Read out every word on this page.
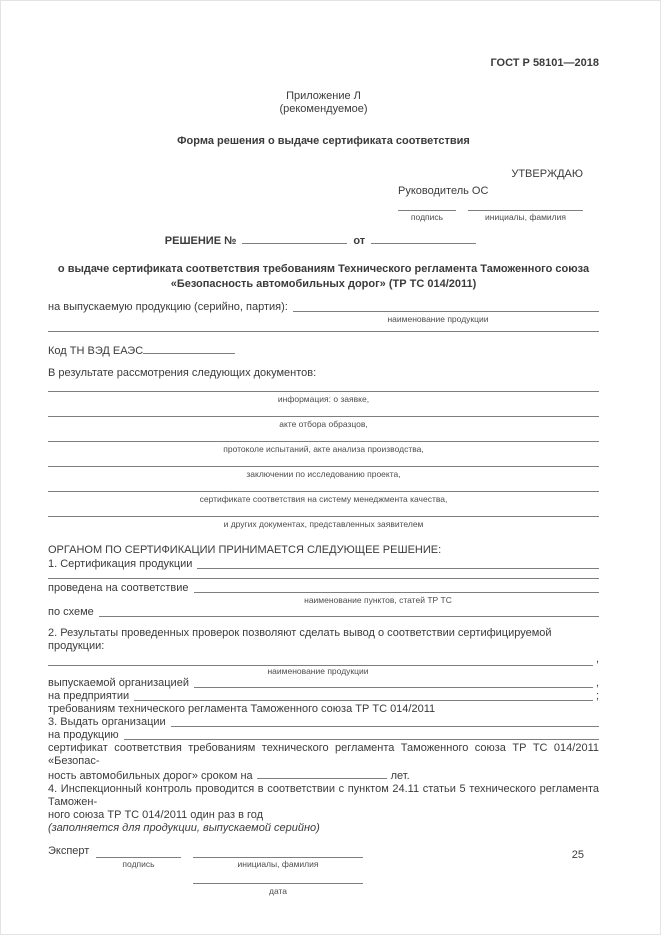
ГОСТ Р 58101—2018
Приложение Л
(рекомендуемое)
Форма решения о выдаче сертификата соответствия
УТВЕРЖДАЮ
Руководитель ОС
подпись	инициалы, фамилия
РЕШЕНИЕ №	от
о выдаче сертификата соответствия требованиям Технического регламента Таможенного союза
«Безопасность автомобильных дорог» (ТР ТС 014/2011)
на выпускаемую продукцию (серийно, партия):
наименование продукции
Код ТН ВЭД ЕАЭС
В результате рассмотрения следующих документов:
информация: о заявке,
акте отбора образцов,
протоколе испытаний, акте анализа производства,
заключении по исследованию проекта,
сертификате соответствия на систему менеджмента качества,
и других документах, представленных заявителем
ОРГАНОМ ПО СЕРТИФИКАЦИИ ПРИНИМАЕТСЯ СЛЕДУЮЩЕЕ РЕШЕНИЕ:
1. Сертификация продукции
проведена на соответствие
наименование пунктов, статей ТР ТС
по схеме
2. Результаты проведенных проверок позволяют сделать вывод о соответствии сертифицируемой продукции:
,
наименование продукции
выпускаемой организацией	,
на предприятии	;
требованиям технического регламента Таможенного союза ТР ТС 014/2011
3. Выдать организации
на продукцию
сертификат соответствия требованиям технического регламента Таможенного союза ТР ТС 014/2011 «Безопас-
ность автомобильных дорог» сроком на	лет.
4. Инспекционный контроль проводится в соответствии с пунктом 24.11 статьи 5 технического регламента Таможен-
ного союза ТР ТС 014/2011 один раз в год
(заполняется для продукции, выпускаемой серийно)
Эксперт
подпись	инициалы, фамилия
дата
25
